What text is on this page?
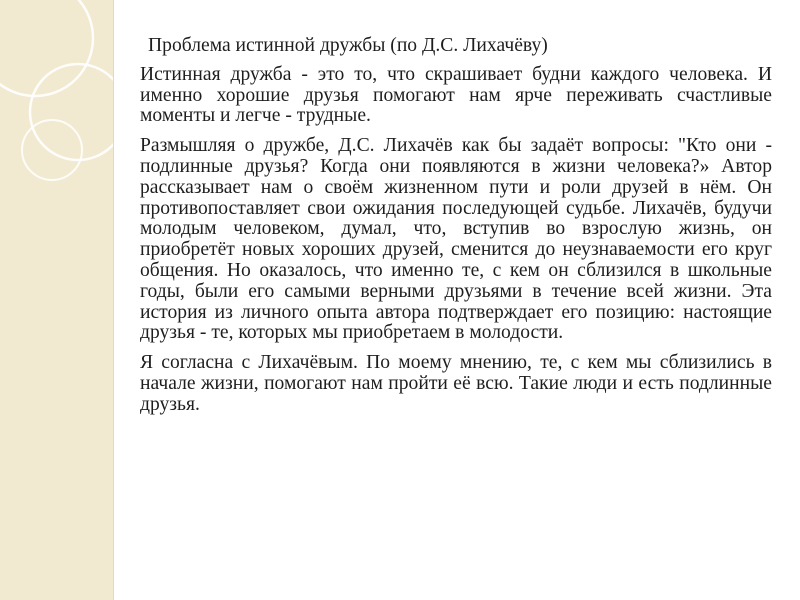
Проблема истинной дружбы (по Д.С. Лихачёву)

Истинная дружба - это то, что скрашивает будни каждого человека. И именно хорошие друзья помогают нам ярче переживать счастливые моменты и легче - трудные.

Размышляя о дружбе, Д.С. Лихачёв как бы задаёт вопросы: "Кто они - подлинные друзья? Когда они появляются в жизни человека?» Автор рассказывает нам о своём жизненном пути и роли друзей в нём. Он противопоставляет свои ожидания последующей судьбе. Лихачёв, будучи молодым человеком, думал, что, вступив во взрослую жизнь, он приобретёт новых хороших друзей, сменится до неузнаваемости его круг общения. Но оказалось, что именно те, с кем он сблизился в школьные годы, были его самыми верными друзьями в течение всей жизни. Эта история из личного опыта автора подтверждает его позицию: настоящие друзья - те, которых мы приобретаем в молодости.

Я согласна с Лихачёвым. По моему мнению, те, с кем мы сблизились в начале жизни, помогают нам пройти её всю. Такие люди и есть подлинные друзья.
